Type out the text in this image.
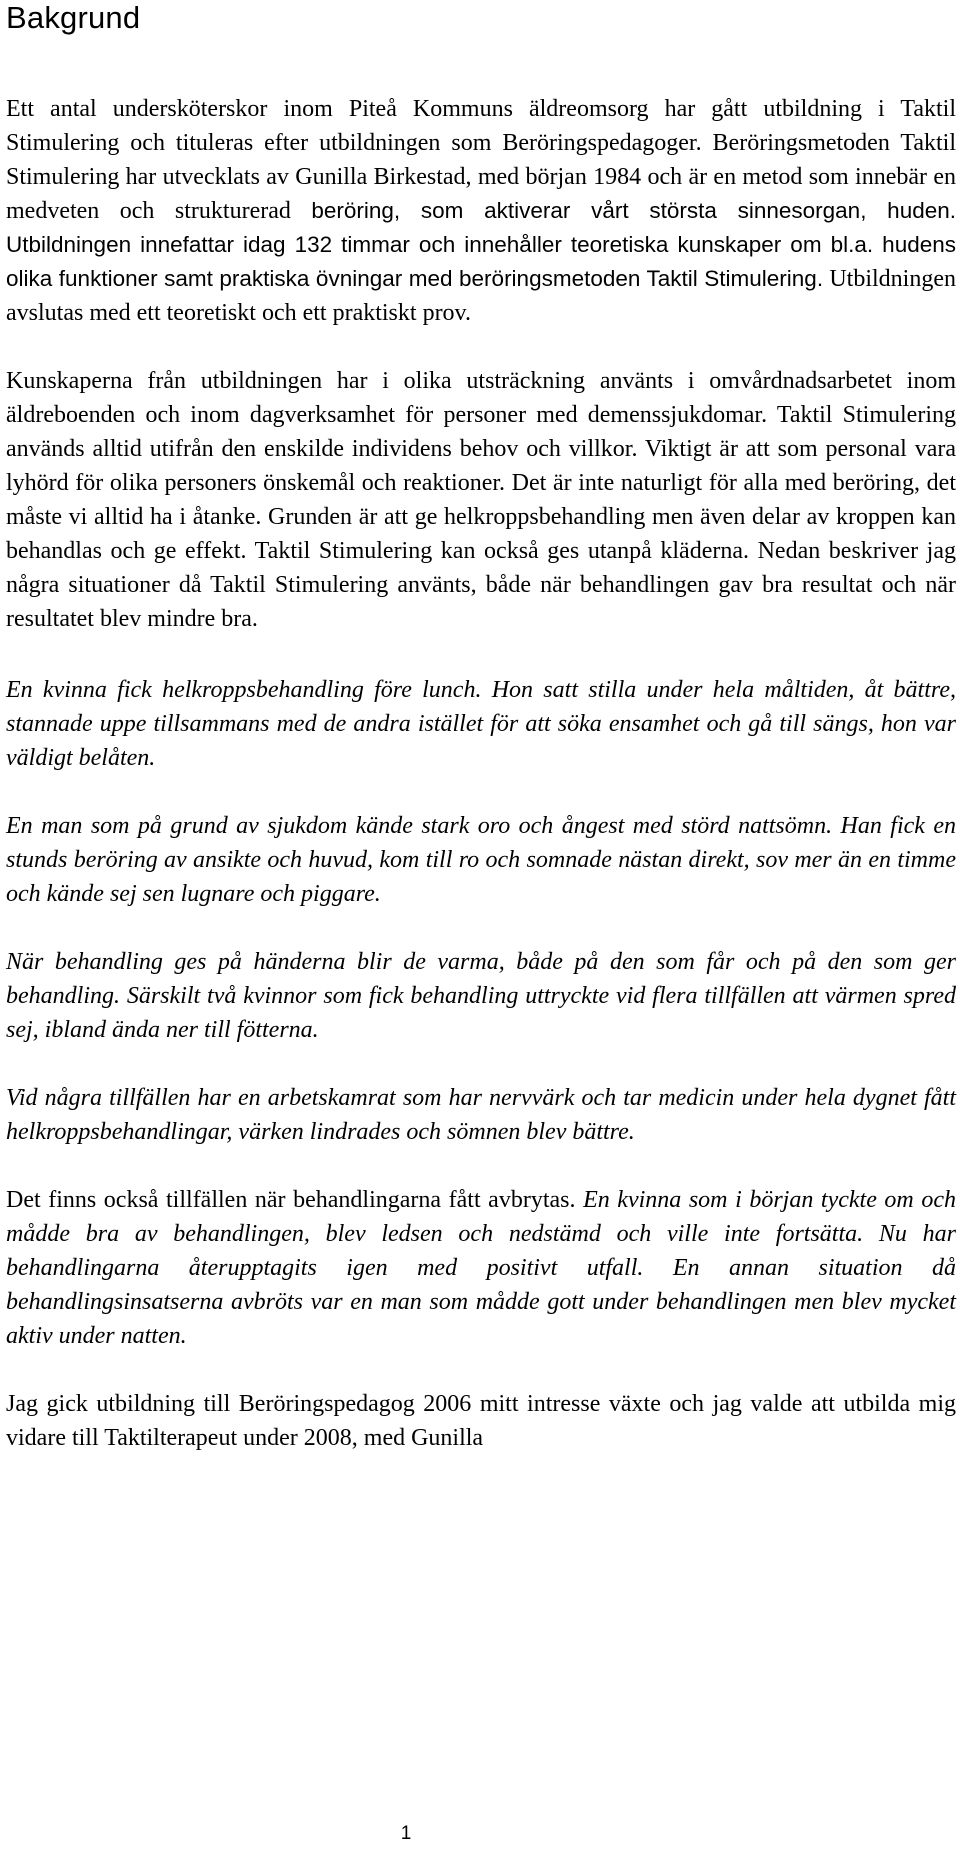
Bakgrund

Ett antal undersköterskor inom Piteå Kommuns äldreomsorg har gått utbildning i Taktil Stimulering och tituleras efter utbildningen som Beröringspedagoger. Beröringsmetoden Taktil Stimulering har utvecklats av Gunilla Birkestad, med början 1984 och är en metod som innebär en medveten och strukturerad beröring, som aktiverar vårt största sinnesorgan, huden. Utbildningen innefattar idag 132 timmar och innehåller teoretiska kunskaper om bl.a. hudens olika funktioner samt praktiska övningar med beröringsmetoden Taktil Stimulering. Utbildningen avslutas med ett teoretiskt och ett praktiskt prov.

Kunskaperna från utbildningen har i olika utsträckning använts i omvårdnadsarbetet inom äldreboenden och inom dagverksamhet för personer med demenssjukdomar. Taktil Stimulering används alltid utifrån den enskilde individens behov och villkor. Viktigt är att som personal vara lyhörd för olika personers önskemål och reaktioner. Det är inte naturligt för alla med beröring, det måste vi alltid ha i åtanke. Grunden är att ge helkroppsbehandling men även delar av kroppen kan behandlas och ge effekt. Taktil Stimulering kan också ges utanpå kläderna. Nedan beskriver jag några situationer då Taktil Stimulering använts, både när behandlingen gav bra resultat och när resultatet blev mindre bra.

En kvinna fick helkroppsbehandling före lunch. Hon satt stilla under hela måltiden, åt bättre, stannade uppe tillsammans med de andra istället för att söka ensamhet och gå till sängs, hon var väldigt belåten.

En man som på grund av sjukdom kände stark oro och ångest med störd nattsömn. Han fick en stunds beröring av ansikte och huvud, kom till ro och somnade nästan direkt, sov mer än en timme och kände sej sen lugnare och piggare.

När behandling ges på händerna blir de varma, både på den som får och på den som ger behandling. Särskilt två kvinnor som fick behandling uttryckte vid flera tillfällen att värmen spred sej, ibland ända ner till fötterna.

Vid några tillfällen har en arbetskamrat som har nervvärk och tar medicin under hela dygnet fått helkroppsbehandlingar, värken lindrades och sömnen blev bättre.

Det finns också tillfällen när behandlingarna fått avbrytas. En kvinna som i början tyckte om och mådde bra av behandlingen, blev ledsen och nedstämd och ville inte fortsätta. Nu har behandlingarna återupptagits igen med positivt utfall. En annan situation då behandlingsinsatserna avbröts var en man som mådde gott under behandlingen men blev mycket aktiv under natten.

Jag gick utbildning till Beröringspedagog 2006 mitt intresse växte och jag valde att utbilda mig vidare till Taktilterapeut under 2008, med Gunilla

1
